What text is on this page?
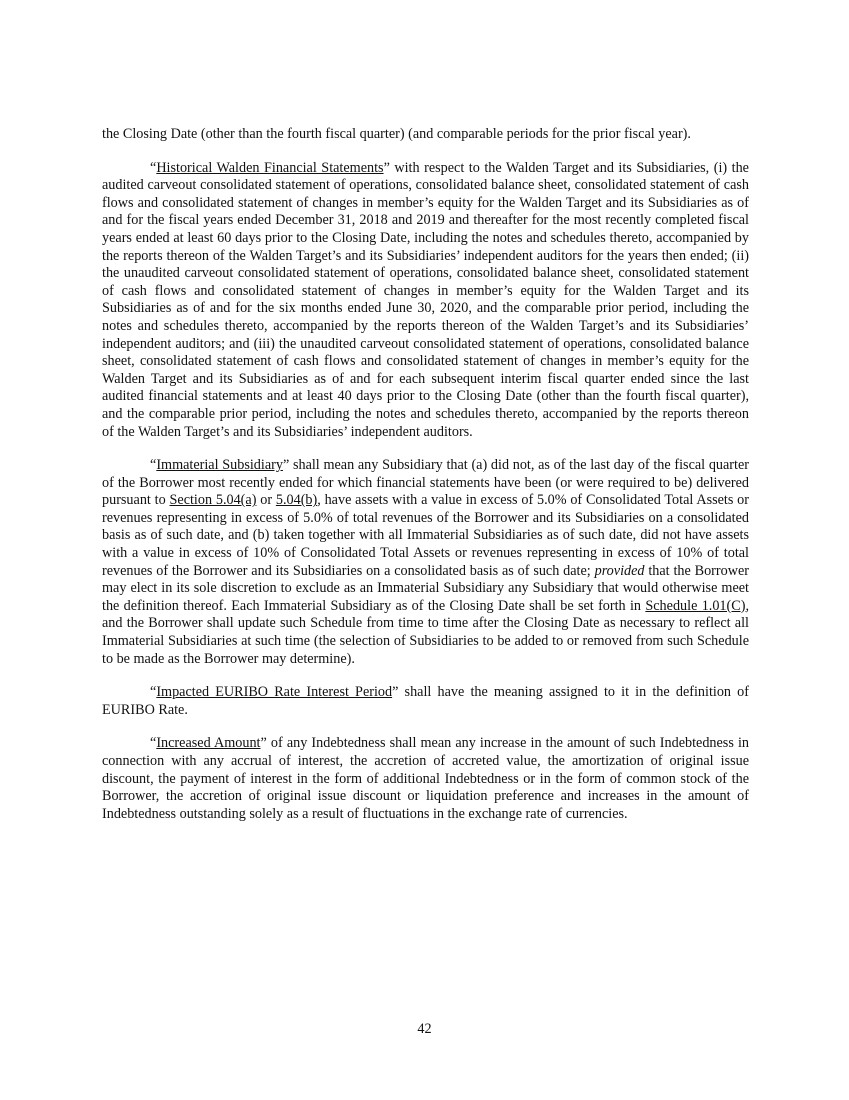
the Closing Date (other than the fourth fiscal quarter) (and comparable periods for the prior fiscal year).

“Historical Walden Financial Statements” with respect to the Walden Target and its Subsidiaries, (i) the audited carveout consolidated statement of operations, consolidated balance sheet, consolidated statement of cash flows and consolidated statement of changes in member’s equity for the Walden Target and its Subsidiaries as of and for the fiscal years ended December 31, 2018 and 2019 and thereafter for the most recently completed fiscal years ended at least 60 days prior to the Closing Date, including the notes and schedules thereto, accompanied by the reports thereon of the Walden Target’s and its Subsidiaries’ independent auditors for the years then ended; (ii) the unaudited carveout consolidated statement of operations, consolidated balance sheet, consolidated statement of cash flows and consolidated statement of changes in member’s equity for the Walden Target and its Subsidiaries as of and for the six months ended June 30, 2020, and the comparable prior period, including the notes and schedules thereto, accompanied by the reports thereon of the Walden Target’s and its Subsidiaries’ independent auditors; and (iii) the unaudited carveout consolidated statement of operations, consolidated balance sheet, consolidated statement of cash flows and consolidated statement of changes in member’s equity for the Walden Target and its Subsidiaries as of and for each subsequent interim fiscal quarter ended since the last audited financial statements and at least 40 days prior to the Closing Date (other than the fourth fiscal quarter), and the comparable prior period, including the notes and schedules thereto, accompanied by the reports thereon of the Walden Target’s and its Subsidiaries’ independent auditors.

“Immaterial Subsidiary” shall mean any Subsidiary that (a) did not, as of the last day of the fiscal quarter of the Borrower most recently ended for which financial statements have been (or were required to be) delivered pursuant to Section 5.04(a) or 5.04(b), have assets with a value in excess of 5.0% of Consolidated Total Assets or revenues representing in excess of 5.0% of total revenues of the Borrower and its Subsidiaries on a consolidated basis as of such date, and (b) taken together with all Immaterial Subsidiaries as of such date, did not have assets with a value in excess of 10% of Consolidated Total Assets or revenues representing in excess of 10% of total revenues of the Borrower and its Subsidiaries on a consolidated basis as of such date; provided that the Borrower may elect in its sole discretion to exclude as an Immaterial Subsidiary any Subsidiary that would otherwise meet the definition thereof. Each Immaterial Subsidiary as of the Closing Date shall be set forth in Schedule 1.01(C), and the Borrower shall update such Schedule from time to time after the Closing Date as necessary to reflect all Immaterial Subsidiaries at such time (the selection of Subsidiaries to be added to or removed from such Schedule to be made as the Borrower may determine).

“Impacted EURIBO Rate Interest Period” shall have the meaning assigned to it in the definition of EURIBO Rate.

“Increased Amount” of any Indebtedness shall mean any increase in the amount of such Indebtedness in connection with any accrual of interest, the accretion of accreted value, the amortization of original issue discount, the payment of interest in the form of additional Indebtedness or in the form of common stock of the Borrower, the accretion of original issue discount or liquidation preference and increases in the amount of Indebtedness outstanding solely as a result of fluctuations in the exchange rate of currencies.

42
